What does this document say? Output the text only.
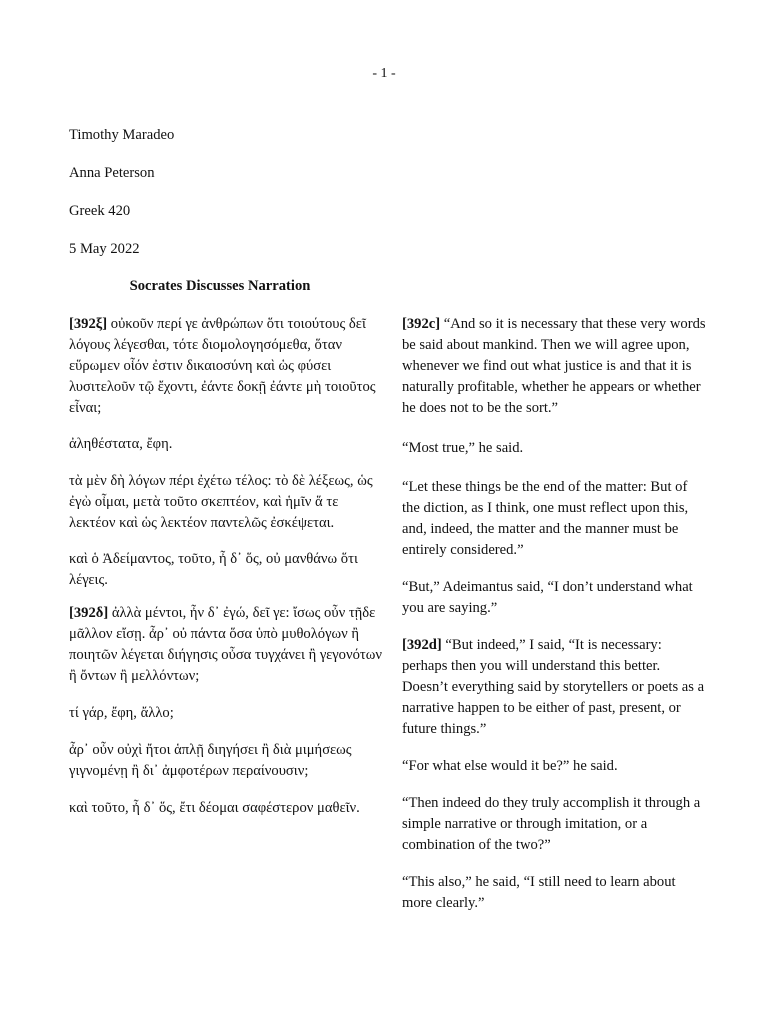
- 1 -
Timothy Maradeo
Anna Peterson
Greek 420
5 May 2022
Socrates Discusses Narration

[392ξ] οὐκοῦν περί γε ἀνθρώπων ὅτι τοιούτους δεῖ λόγους λέγεσθαι, τότε διομολογησόμεθα, ὅταν εὕρωμεν οἷόν ἐστιν δικαιοσύνη καὶ ὡς φύσει λυσιτελοῦν τῷ ἔχοντι, ἐάντε δοκῇ ἐάντε μὴ τοιοῦτος εἶναι;

ἀληθέστατα, ἔφη.

τὰ μὲν δὴ λόγων πέρι ἐχέτω τέλος: τὸ δὲ λέξεως, ὡς ἐγὼ οἶμαι, μετὰ τοῦτο σκεπτέον, καὶ ἡμῖν ἅ τε λεκτέον καὶ ὡς λεκτέον παντελῶς ἐσκέψεται.

καὶ ὁ Ἀδείμαντος, τοῦτο, ἦ δ᾽ ὅς, οὐ μανθάνω ὅτι λέγεις.

[392δ] ἀλλὰ μέντοι, ἦν δ᾽ ἐγώ, δεῖ γε: ἴσως οὖν τῇδε μᾶλλον εἴσῃ. ἆρ᾽ οὐ πάντα ὅσα ὑπὸ μυθολόγων ἢ ποιητῶν λέγεται διήγησις οὖσα τυγχάνει ἢ γεγονότων ἢ ὄντων ἢ μελλόντων;

τί γάρ, ἔφη, ἄλλο;

ἆρ᾽ οὖν οὐχὶ ἤτοι ἁπλῇ διηγήσει ἢ διὰ μιμήσεως γιγνομένῃ ἢ δι᾽ ἀμφοτέρων περαίνουσιν;

καὶ τοῦτο, ἦ δ᾽ ὅς, ἔτι δέομαι σαφέστερον μαθεῖν.

[392c] “And so it is necessary that these very words be said about mankind. Then we will agree upon, whenever we find out what justice is and that it is naturally profitable, whether he appears or whether he does not to be the sort.”

“Most true,” he said.

“Let these things be the end of the matter: But of the diction, as I think, one must reflect upon this, and, indeed, the matter and the manner must be entirely considered.”

“But,” Adeimantus said, “I don’t understand what you are saying.”

[392d] “But indeed,” I said, “It is necessary: perhaps then you will understand this better. Doesn’t everything said by storytellers or poets as a narrative happen to be either of past, present, or future things.”

“For what else would it be?” he said.

“Then indeed do they truly accomplish it through a simple narrative or through imitation, or a combination of the two?”

“This also,” he said, “I still need to learn about more clearly.”
